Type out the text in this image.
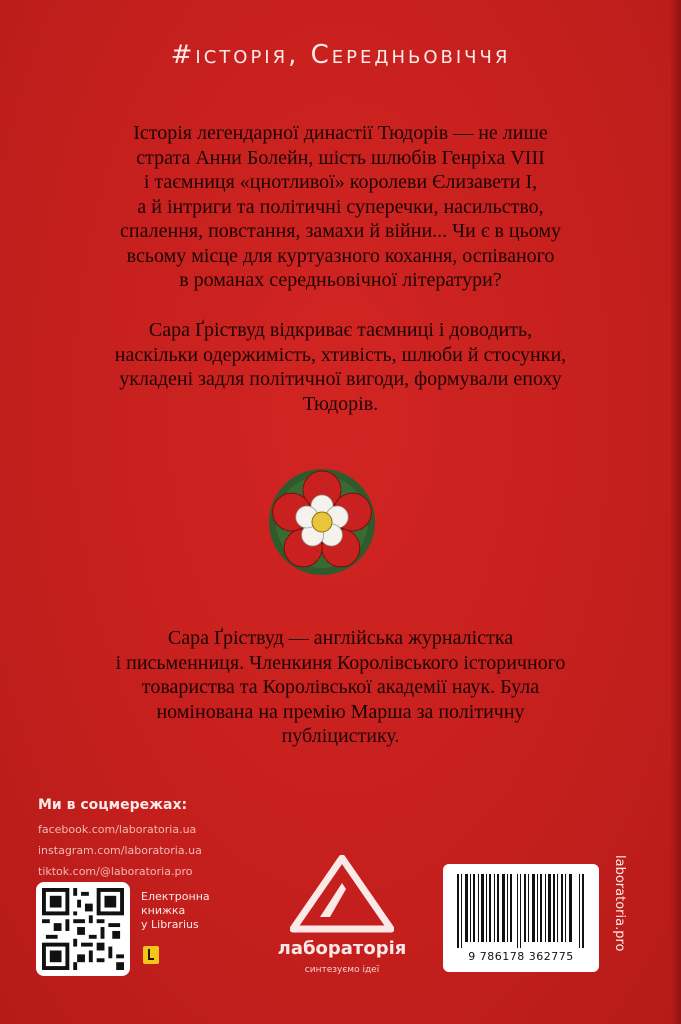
#історія, Середньовіччя

Історія легендарної династії Тюдорів — не лише
страта Анни Болейн, шість шлюбів Генріха VIII
і таємниця «цнотливої» королеви Єлизавети I,
а й інтриги та політичні суперечки, насильство,
спалення, повстання, замахи й війни... Чи є в цьому
всьому місце для куртуазного кохання, оспіваного
в романах середньовічної літератури?

Сара Ґріствуд відкриває таємниці і доводить,
наскільки одержимість, хтивість, шлюби й стосунки,
укладені задля політичної вигоди, формували епоху
Тюдорів.

Сара Ґріствуд — англійська журналістка
і письменниця. Членкиня Королівського історичного
товариства та Королівської академії наук. Була
номінована на премію Марша за політичну
публіцистику.

Ми в соцмережах:
facebook.com/laboratoria.ua
instagram.com/laboratoria.ua
tiktok.com/@laboratoria.pro
Електронна
книжка
у Librarius
лабораторія
синтезуємо ідеї
9 786178 362775
laboratoria.pro
